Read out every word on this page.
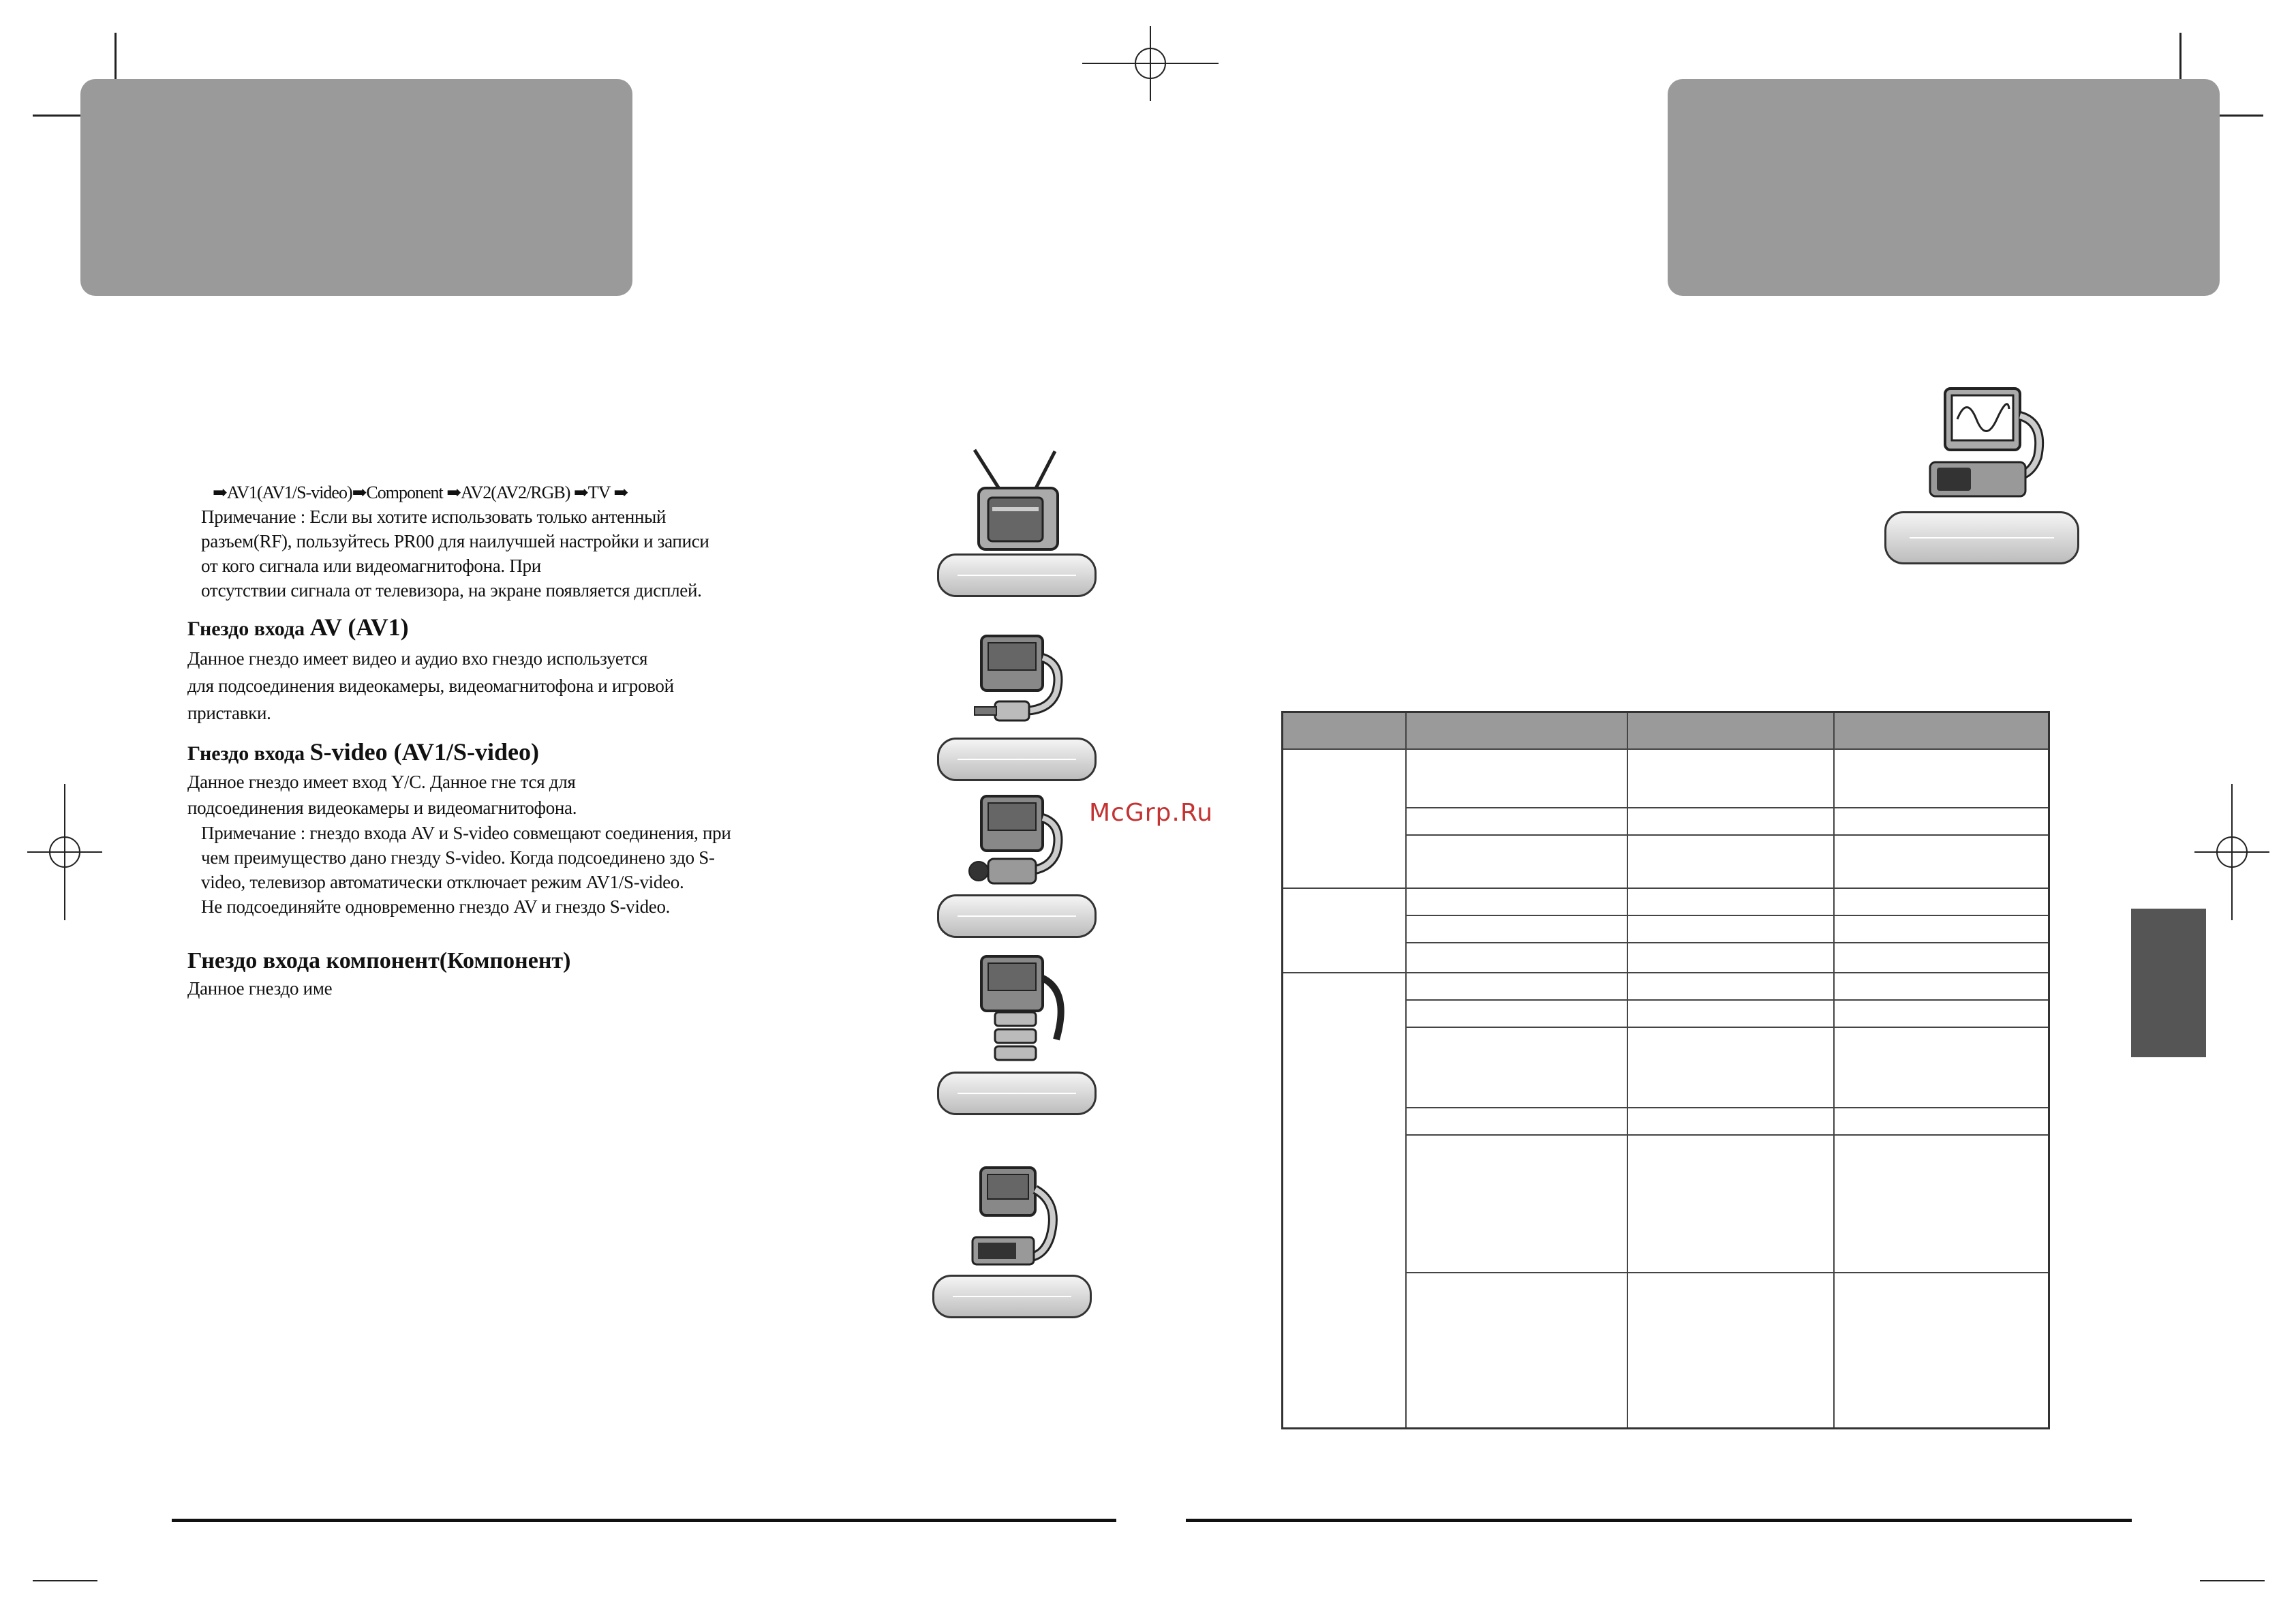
➡AV1(AV1/S-video)➡Component ➡AV2(AV2/RGB) ➡TV ➡
Примечание : Если вы хотите использовать только антенный
разъем(RF), пользуйтесь PR00 для наилучшей настройки и записи
от кого сигнала или видеомагнитофона. При
отсутствии сигнала от телевизора, на экране появляется дисплей.
Гнездо входа AV (AV1)
Данное гнездо имеет видео и аудио вхо гнездо используется
для подсоединения видеокамеры, видеомагнитофона и игровой
приставки.
Гнездо входа S-video (AV1/S-video)
Данное гнездо имеет вход Y/C. Данное гне тся для
подсоединения видеокамеры и видеомагнитофона.
Примечание : гнездо входа AV и S-video совмещают соединения, при
чем преимущество дано гнезду S-video. Когда подсоединено здо S-
video, телевизор автоматически отключает режим AV1/S-video.
Не подсоединяйте одновременно гнездо AV и гнездо S-video.
Гнездо входа компонент(Компонент)
Данное гнездо име
McGrp.Ru
